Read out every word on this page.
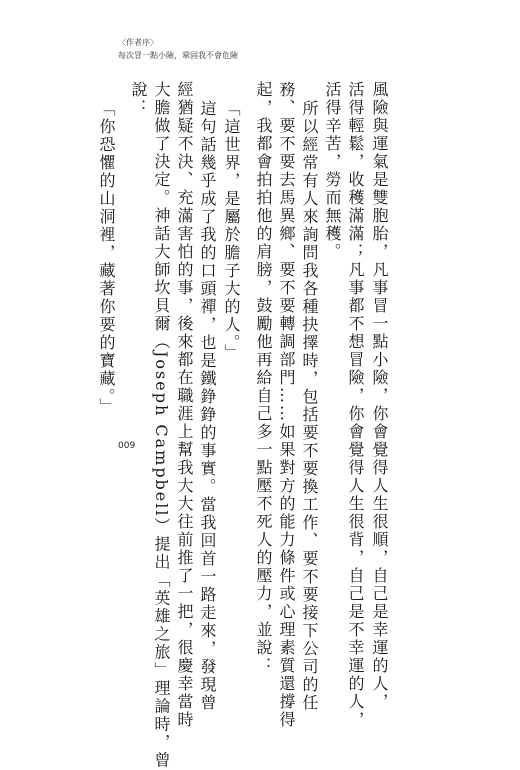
〈作者序〉
每次冒一點小險，鞏固我不會危險
風險與運氣是雙胞胎，凡事冒一點小險，你會覺得人生很順，自己是幸運的人，
活得輕鬆，收穫滿滿；凡事都不想冒險，你會覺得人生很背，自己是不幸運的人，
活得辛苦，勞而無穫。
所以經常有人來詢問我各種抉擇時，包括要不要換工作、要不要接下公司的任
務、要不要去馬異鄉、要不要轉調部門……如果對方的能力條件或心理素質還撐得
起，我都會拍拍他的肩膀，鼓勵他再給自己多一點壓不死人的壓力，並說：
「這世界，是屬於膽子大的人。」
這句話幾乎成了我的口頭禪，也是鐵錚錚的事實。當我回首一路走來，發現曾
經猶疑不決、充滿害怕的事，後來都在職涯上幫我大大往前推了一把，很慶幸當時
大膽做了決定。神話大師坎貝爾（Joseph Campbell）提出「英雄之旅」理論時，曾
說：
「你恐懼的山洞裡，藏著你要的寶藏。」
009
